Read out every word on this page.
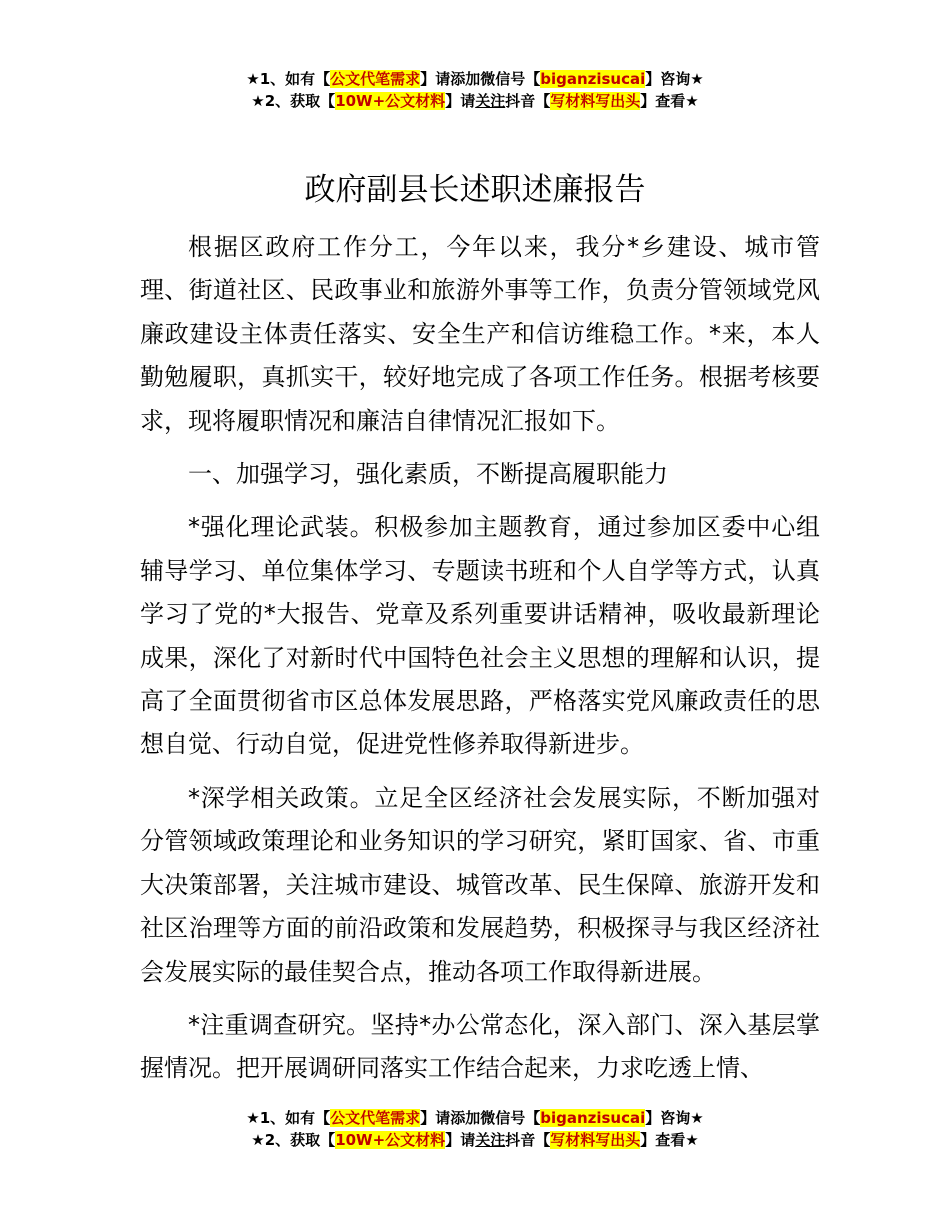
★1、如有【公文代笔需求】请添加微信号【biganzisucai】咨询★
★2、获取【10W+公文材料】请关注抖音【写材料写出头】查看★
政府副县长述职述廉报告

根据区政府工作分工，今年以来，我分*乡建设、城市管理、街道社区、民政事业和旅游外事等工作，负责分管领域党风廉政建设主体责任落实、安全生产和信访维稳工作。*来，本人勤勉履职，真抓实干，较好地完成了各项工作任务。根据考核要求，现将履职情况和廉洁自律情况汇报如下。

一、加强学习，强化素质，不断提高履职能力

*强化理论武装。积极参加主题教育，通过参加区委中心组辅导学习、单位集体学习、专题读书班和个人自学等方式，认真学习了党的*大报告、党章及系列重要讲话精神，吸收最新理论成果，深化了对新时代中国特色社会主义思想的理解和认识，提高了全面贯彻省市区总体发展思路，严格落实党风廉政责任的思想自觉、行动自觉，促进党性修养取得新进步。

*深学相关政策。立足全区经济社会发展实际，不断加强对分管领域政策理论和业务知识的学习研究，紧盯国家、省、市重大决策部署，关注城市建设、城管改革、民生保障、旅游开发和社区治理等方面的前沿政策和发展趋势，积极探寻与我区经济社会发展实际的最佳契合点，推动各项工作取得新进展。

*注重调查研究。坚持*办公常态化，深入部门、深入基层掌握情况。把开展调研同落实工作结合起来，力求吃透上情、

★1、如有【公文代笔需求】请添加微信号【biganzisucai】咨询★
★2、获取【10W+公文材料】请关注抖音【写材料写出头】查看★
